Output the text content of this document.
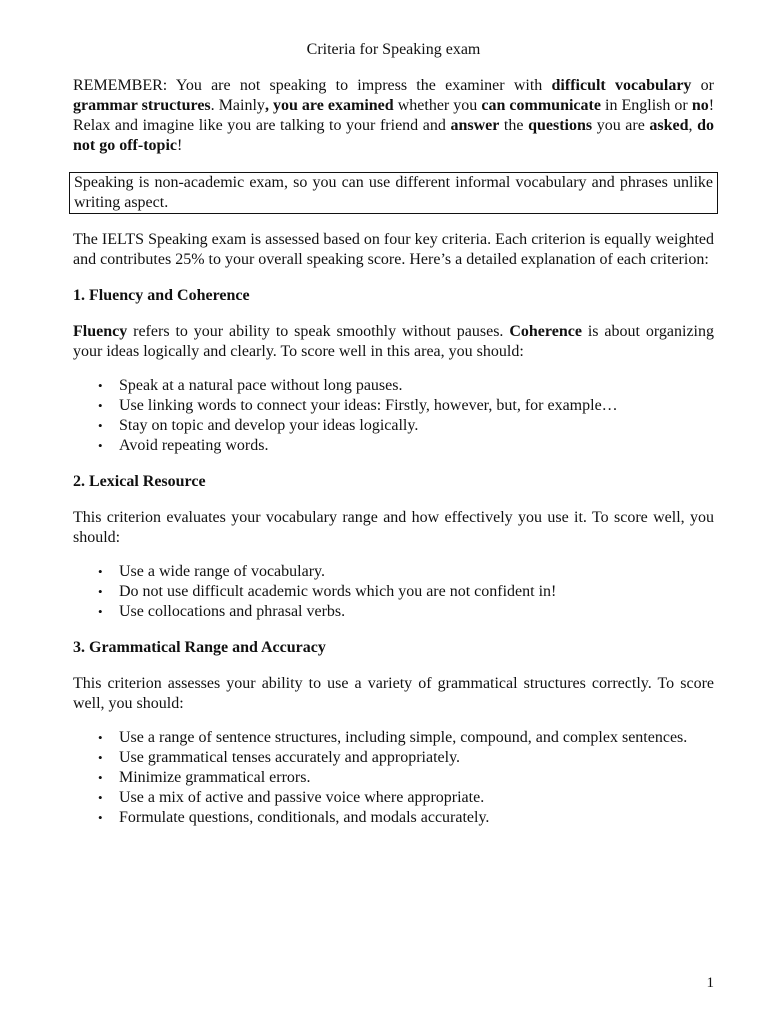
Criteria for Speaking exam

REMEMBER: You are not speaking to impress the examiner with difficult vocabulary or grammar structures. Mainly, you are examined whether you can communicate in English or no! Relax and imagine like you are talking to your friend and answer the questions you are asked, do not go off-topic!

Speaking is non-academic exam, so you can use different informal vocabulary and phrases unlike writing aspect.

The IELTS Speaking exam is assessed based on four key criteria. Each criterion is equally weighted and contributes 25% to your overall speaking score. Here’s a detailed explanation of each criterion:

1. Fluency and Coherence

Fluency refers to your ability to speak smoothly without pauses. Coherence is about organizing your ideas logically and clearly. To score well in this area, you should:

• Speak at a natural pace without long pauses.
• Use linking words to connect your ideas: Firstly, however, but, for example…
• Stay on topic and develop your ideas logically.
• Avoid repeating words.
2. Lexical Resource

This criterion evaluates your vocabulary range and how effectively you use it. To score well, you should:

• Use a wide range of vocabulary.
• Do not use difficult academic words which you are not confident in!
• Use collocations and phrasal verbs.
3. Grammatical Range and Accuracy

This criterion assesses your ability to use a variety of grammatical structures correctly. To score well, you should:

• Use a range of sentence structures, including simple, compound, and complex sentences.
• Use grammatical tenses accurately and appropriately.
• Minimize grammatical errors.
• Use a mix of active and passive voice where appropriate.
• Formulate questions, conditionals, and modals accurately.
1
